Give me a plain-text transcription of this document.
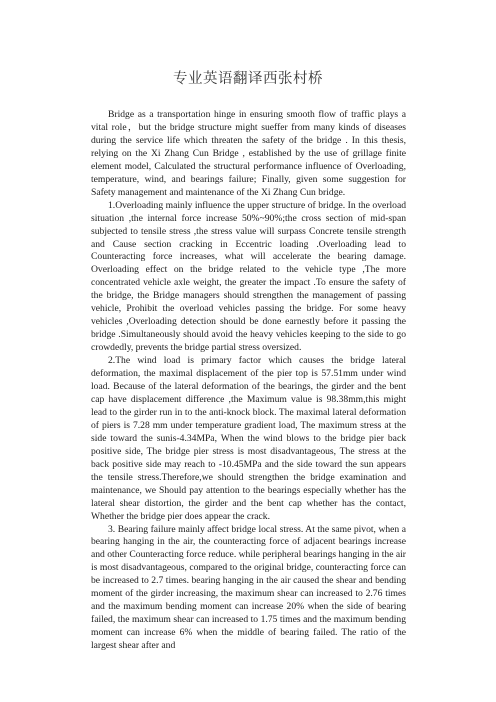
专业英语翻译西张村桥

Bridge as a transportation hinge in ensuring smooth flow of traffic plays a vital role，but the bridge structure might sueffer from many kinds of diseases during the service life which threaten the safety of the bridge . In this thesis, relying on the Xi Zhang Cun Bridge , established by the use of grillage finite element model, Calculated the structural performance influence of Overloading, temperature, wind, and bearings failure; Finally, given some suggestion for Safety management and maintenance of the Xi Zhang Cun bridge.

1.Overloading mainly influence the upper structure of bridge. In the overload situation ,the internal force increase 50%~90%;the cross section of mid-span subjected to tensile stress ,the stress value will surpass Concrete tensile strength and Cause section cracking in Eccentric loading .Overloading lead to Counteracting force increases, what will accelerate the bearing damage. Overloading effect on the bridge related to the vehicle type ,The more concentrated vehicle axle weight, the greater the impact .To ensure the safety of the bridge, the Bridge managers should strengthen the management of passing vehicle, Prohibit the overload vehicles passing the bridge. For some heavy vehicles ,Overloading detection should be done earnestly before it passing the bridge .Simultaneously should avoid the heavy vehicles keeping to the side to go crowdedly, prevents the bridge partial stress oversized.

2.The wind load is primary factor which causes the bridge lateral deformation, the maximal displacement of the pier top is 57.51mm under wind load. Because of the lateral deformation of the bearings, the girder and the bent cap have displacement difference ,the Maximum value is 98.38mm,this might lead to the girder run in to the anti-knock block. The maximal lateral deformation of piers is 7.28 mm under temperature gradient load, The maximum stress at the side toward the sunis-4.34MPa, When the wind blows to the bridge pier back positive side, The bridge pier stress is most disadvantageous, The stress at the back positive side may reach to -10.45MPa and the side toward the sun appears the tensile stress.Therefore,we should strengthen the bridge examination and maintenance, we Should pay attention to the bearings especially whether has the lateral shear distortion, the girder and the bent cap whether has the contact, Whether the bridge pier does appear the crack.

3. Bearing failure mainly affect bridge local stress. At the same pivot, when a bearing hanging in the air, the counteracting force of adjacent bearings increase and other Counteracting force reduce. while peripheral bearings hanging in the air is most disadvantageous, compared to the original bridge, counteracting force can be increased to 2.7 times. bearing hanging in the air caused the shear and bending moment of the girder increasing, the maximum shear can increased to 2.76 times and the maximum bending moment can increase 20% when the side of bearing failed, the maximum shear can increased to 1.75 times and the maximum bending moment can increase 6% when the middle of bearing failed. The ratio of the largest shear after and
